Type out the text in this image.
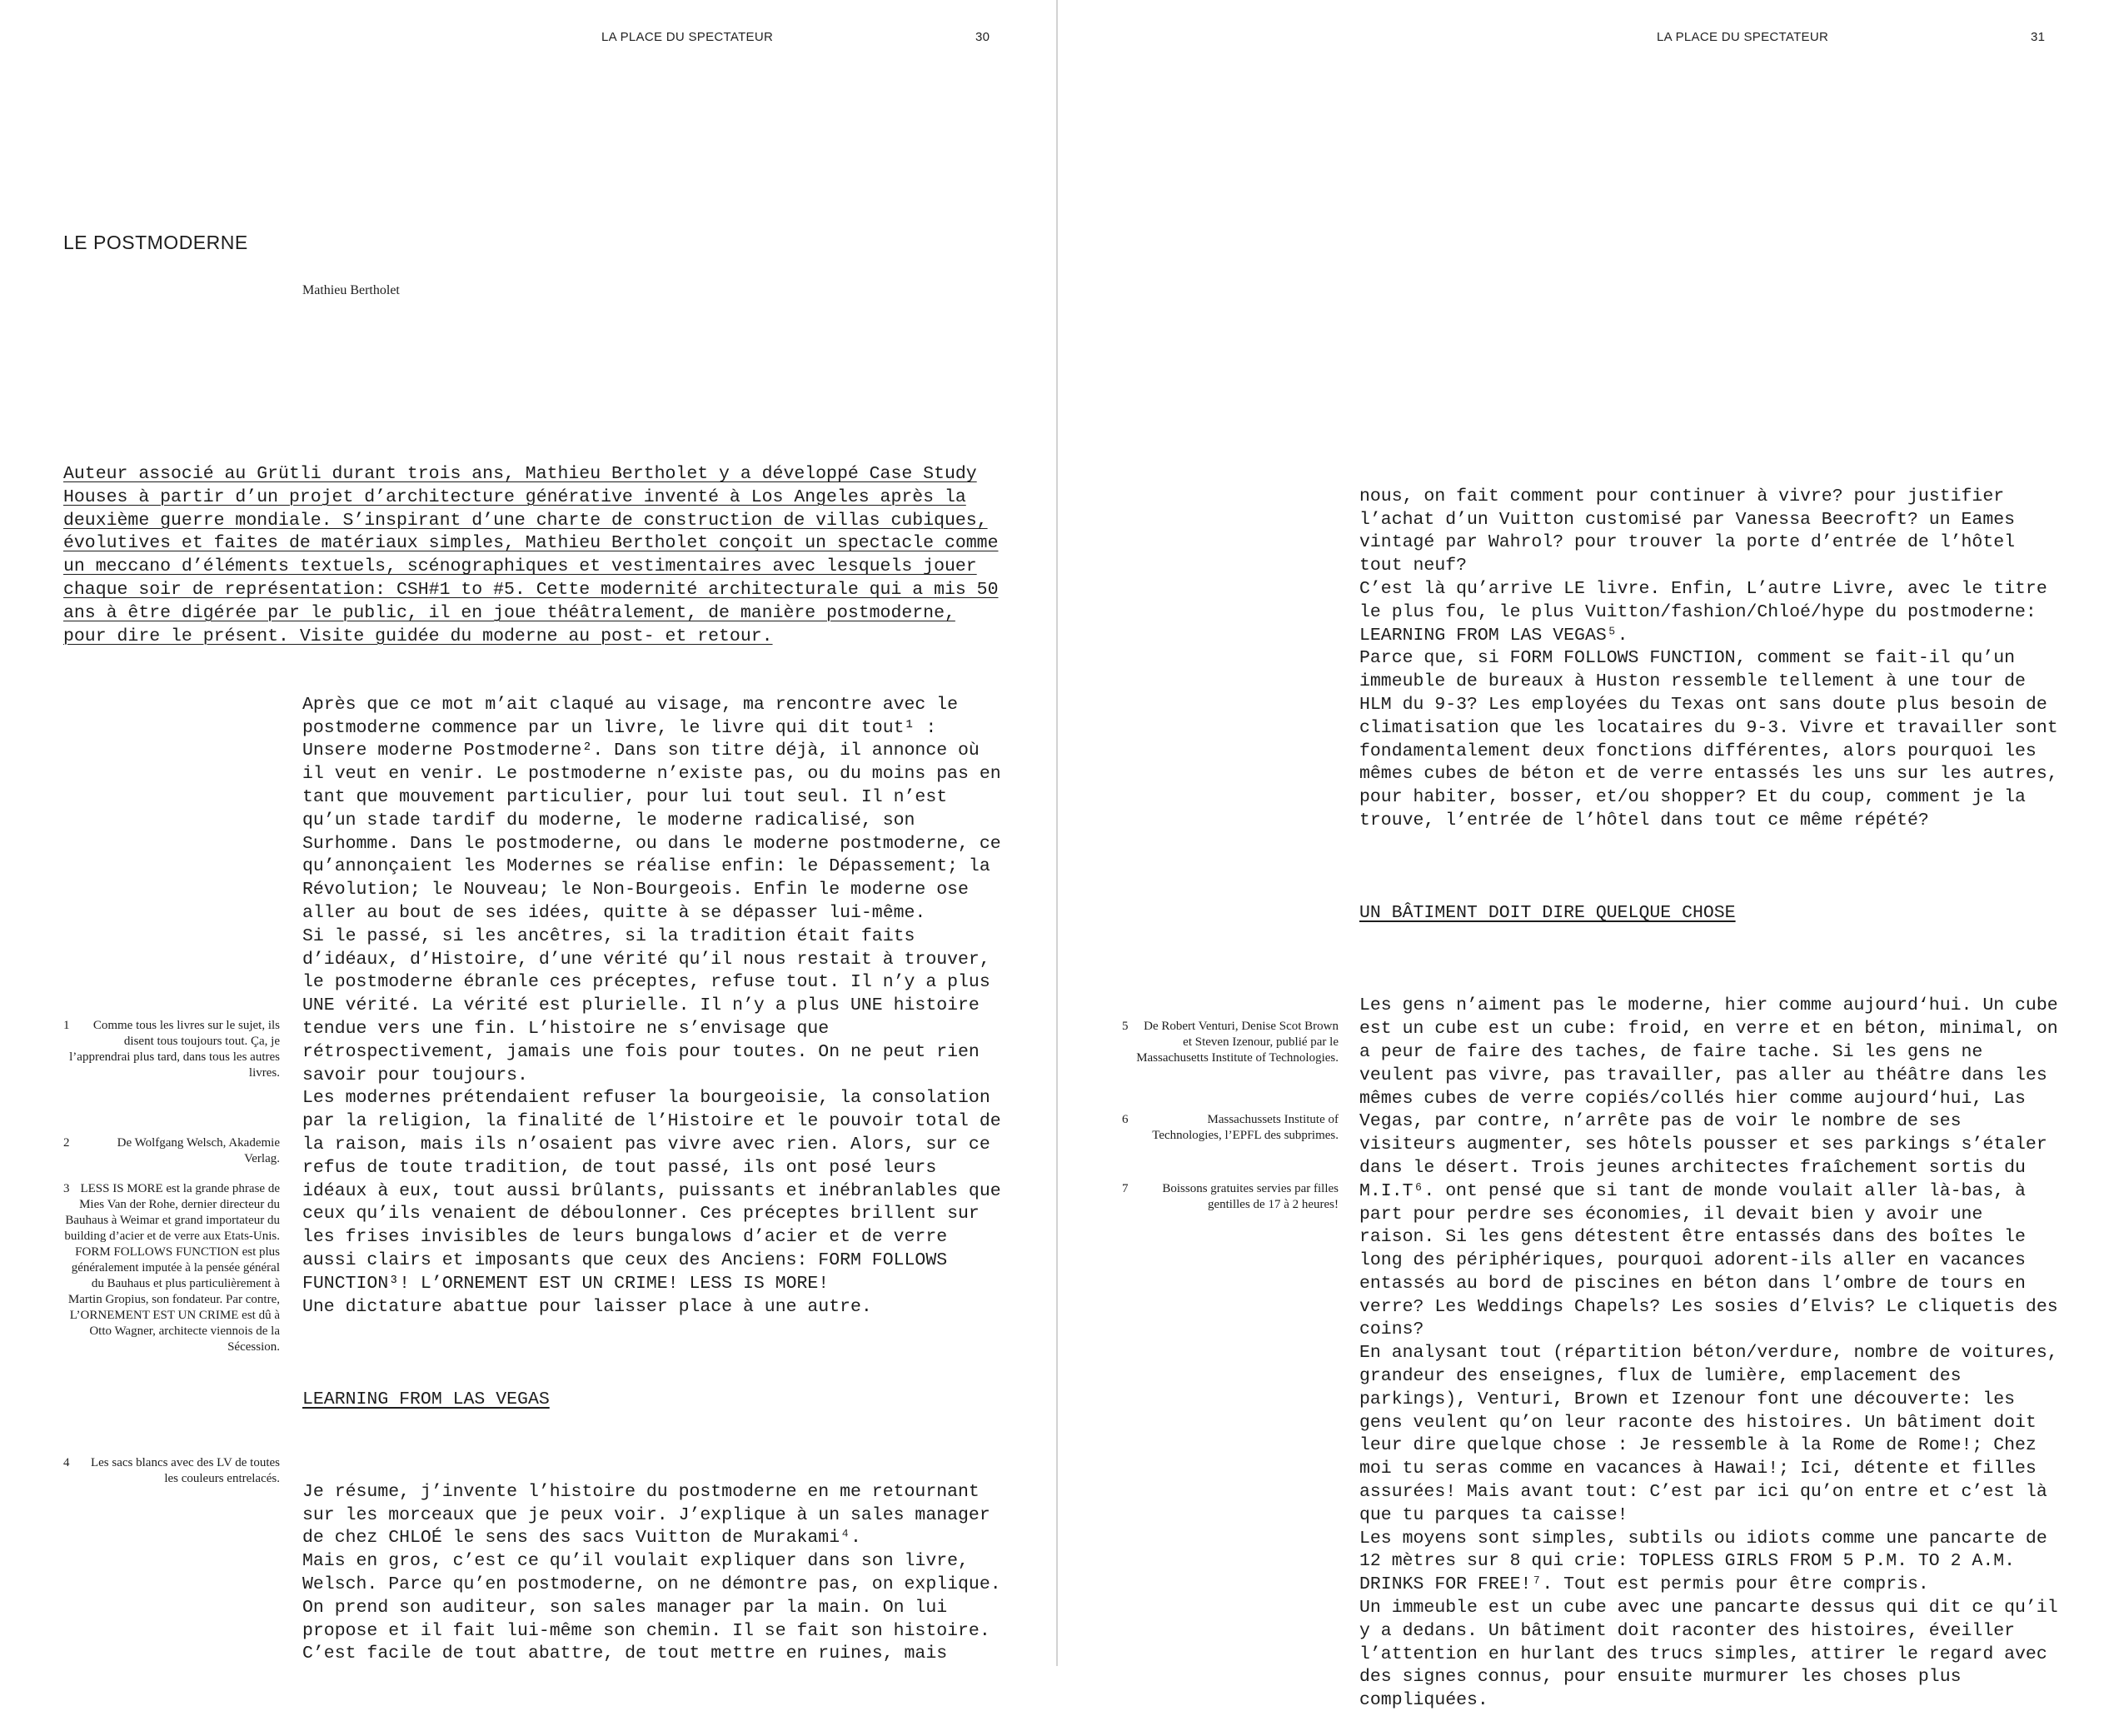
LA PLACE DU SPECTATEUR	30
LE POSTMODERNE
Mathieu Bertholet
Auteur associé au Grütli durant trois ans, Mathieu Bertholet y a développé Case Study Houses à partir d’un projet d’architecture générative inventé à Los Angeles après la deuxième guerre mondiale. S’inspirant d’une charte de construction de villas cubiques, évolutives et faites de matériaux simples, Mathieu Bertholet conçoit un spectacle comme un meccano d’éléments textuels, scénographiques et vestimentaires avec lesquels jouer chaque soir de représentation: CSH#1 to #5. Cette modernité architecturale qui a mis 50 ans à être digérée par le public, il en joue théâtralement, de manière postmoderne, pour dire le présent. Visite guidée du moderne au post- et retour.

Après que ce mot m’ait claqué au visage, ma rencontre avec le postmoderne commence par un livre, le livre qui dit tout¹ : Unsere moderne Postmoderne². Dans son titre déjà, il annonce où il veut en venir. Le postmoderne n’existe pas, ou du moins pas en tant que mouvement particulier, pour lui tout seul. Il n’est qu’un stade tardif du moderne, le moderne radicalisé, son Surhomme. Dans le postmoderne, ou dans le moderne postmoderne, ce qu’annonçaient les Modernes se réalise enfin: le Dépassement; la Révolution; le Nouveau; le Non-Bourgeois. Enfin le moderne ose aller au bout de ses idées, quitte à se dépasser lui-même.
Si le passé, si les ancêtres, si la tradition était faits d’idéaux, d’Histoire, d’une vérité qu’il nous restait à trouver, le postmoderne ébranle ces préceptes, refuse tout. Il n’y a plus UNE vérité. La vérité est plurielle. Il n’y a plus UNE histoire tendue vers une fin. L’histoire ne s’envisage que rétrospectivement, jamais une fois pour toutes. On ne peut rien savoir pour toujours.
Les modernes prétendaient refuser la bourgeoisie, la consolation par la religion, la finalité de l’Histoire et le pouvoir total de la raison, mais ils n’osaient pas vivre avec rien. Alors, sur ce refus de toute tradition, de tout passé, ils ont posé leurs idéaux à eux, tout aussi brûlants, puissants et inébranlables que ceux qu’ils venaient de déboulonner. Ces préceptes brillent sur les frises invisibles de leurs bungalows d’acier et de verre aussi clairs et imposants que ceux des Anciens: FORM FOLLOWS FUNCTION³! L’ORNEMENT EST UN CRIME! LESS IS MORE!
Une dictature abattue pour laisser place à une autre.

LEARNING FROM LAS VEGAS

Je résume, j’invente l’histoire du postmoderne en me retournant sur les morceaux que je peux voir. J’explique à un sales manager de chez CHLOÉ le sens des sacs Vuitton de Murakami⁴.
Mais en gros, c’est ce qu’il voulait expliquer dans son livre, Welsch. Parce qu’en postmoderne, on ne démontre pas, on explique. On prend son auditeur, son sales manager par la main. On lui propose et il fait lui-même son chemin. Il se fait son histoire.
C’est facile de tout abattre, de tout mettre en ruines, mais

1	Comme tous les livres sur le sujet, ils disent tous toujours tout. Ça, je l’apprendrai plus tard, dans tous les autres livres.
2	De Wolfgang Welsch, Akademie Verlag.
3 LESS IS MORE est la grande phrase de Mies Van der Rohe, dernier directeur du Bauhaus à Weimar et grand importateur du building d’acier et de verre aux Etats-Unis. FORM FOLLOWS FUNCTION est plus généralement imputée à la pensée général du Bauhaus et plus particulièrement à Martin Gropius, son fondateur. Par contre, L’ORNEMENT EST UN CRIME est dû à Otto Wagner, architecte viennois de la Sécession.
4	Les sacs blancs avec des LV de toutes les couleurs entrelacés.
LA PLACE DU SPECTATEUR	31

nous, on fait comment pour continuer à vivre? pour justifier l’achat d’un Vuitton customisé par Vanessa Beecroft? un Eames vintagé par Wahrol? pour trouver la porte d’entrée de l’hôtel tout neuf?
C’est là qu’arrive LE livre. Enfin, L’autre Livre, avec le titre le plus fou, le plus Vuitton/fashion/Chloé/hype du postmoderne: LEARNING FROM LAS VEGAS⁵.
Parce que, si FORM FOLLOWS FUNCTION, comment se fait-il qu’un immeuble de bureaux à Huston ressemble tellement à une tour de HLM du 9-3? Les employées du Texas ont sans doute plus besoin de climatisation que les locataires du 9-3. Vivre et travailler sont fondamentalement deux fonctions différentes, alors pourquoi les mêmes cubes de béton et de verre entassés les uns sur les autres, pour habiter, bosser, et/ou shopper? Et du coup, comment je la trouve, l’entrée de l’hôtel dans tout ce même répété?

UN BÂTIMENT DOIT DIRE QUELQUE CHOSE

Les gens n’aiment pas le moderne, hier comme aujourd‘hui. Un cube est un cube est un cube: froid, en verre et en béton, minimal, on a peur de faire des taches, de faire tache. Si les gens ne veulent pas vivre, pas travailler, pas aller au théâtre dans les mêmes cubes de verre copiés/collés hier comme aujourd‘hui, Las Vegas, par contre, n’arrête pas de voir le nombre de ses visiteurs augmenter, ses hôtels pousser et ses parkings s’étaler dans le désert. Trois jeunes architectes fraîchement sortis du M.I.T⁶. ont pensé que si tant de monde voulait aller là-bas, à part pour perdre ses économies, il devait bien y avoir une raison. Si les gens détestent être entassés dans des boîtes le long des périphériques, pourquoi adorent-ils aller en vacances entassés au bord de piscines en béton dans l’ombre de tours en verre? Les Weddings Chapels? Les sosies d’Elvis? Le cliquetis des coins?
En analysant tout (répartition béton/verdure, nombre de voitures, grandeur des enseignes, flux de lumière, emplacement des parkings), Venturi, Brown et Izenour font une découverte: les gens veulent qu’on leur raconte des histoires. Un bâtiment doit leur dire quelque chose : Je ressemble à la Rome de Rome!; Chez moi tu seras comme en vacances à Hawai!; Ici, détente et filles assurées! Mais avant tout: C’est par ici qu’on entre et c’est là que tu parques ta caisse!
Les moyens sont simples, subtils ou idiots comme une pancarte de 12 mètres sur 8 qui crie: TOPLESS GIRLS FROM 5 P.M. TO 2 A.M. DRINKS FOR FREE!⁷. Tout est permis pour être compris.
Un immeuble est un cube avec une pancarte dessus qui dit ce qu’il y a dedans. Un bâtiment doit raconter des histoires, éveiller l’attention en hurlant des trucs simples, attirer le regard avec des signes connus, pour ensuite murmurer les choses plus compliquées.

5	De Robert Venturi, Denise Scot Brown et Steven Izenour, publié par le Massachusetts Institute of Technologies.
6	Massachussets Institute of Technologies, l’EPFL des subprimes.
7	Boissons gratuites servies par filles gentilles de 17 à 2 heures!
